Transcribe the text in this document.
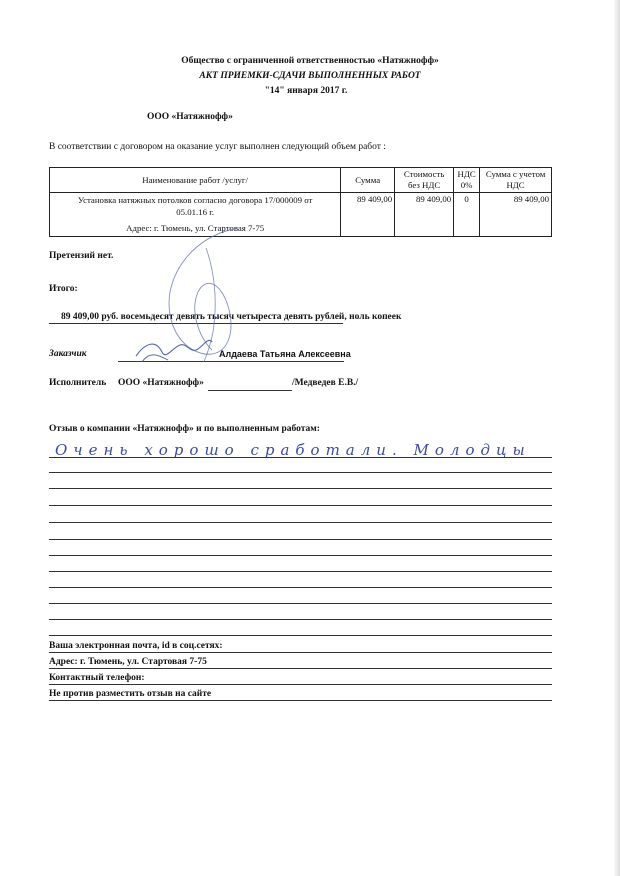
Общество с ограниченной ответственностью «Натяжнофф»
АКТ ПРИЕМКИ-СДАЧИ ВЫПОЛНЕННЫХ РАБОТ
"14" января 2017 г.
ООО «Натяжнофф»
В соответствии с договором на оказание услуг выполнен следующий объем работ :
Наименование работ /услуг/	Сумма	Стоимость без НДС	НДС 0%	Сумма с учетом НДС

Установка натяжных потолков согласно договора 17/000009 от 05.01.16 г.
Адрес: г. Тюмень, ул. Стартовая 7-75	89 409,00	89 409,00	0	89 409,00
Претензий нет.
Итого:
89 409,00 руб. восемьдесят девять тысяч четыреста девять рублей, ноль копеек
Заказчик	Алдаева Татьяна Алексеевна
Исполнитель ООО «Натяжнофф»	/Медведев Е.В./
Отзыв о компании «Натяжнофф» и по выполненным работам:
Очень хорошо сработали. Молодцы
Ваша электронная почта, id в соц.сетях:
Адрес: г. Тюмень, ул. Стартовая 7-75
Контактный телефон:
Не против разместить отзыв на сайте
